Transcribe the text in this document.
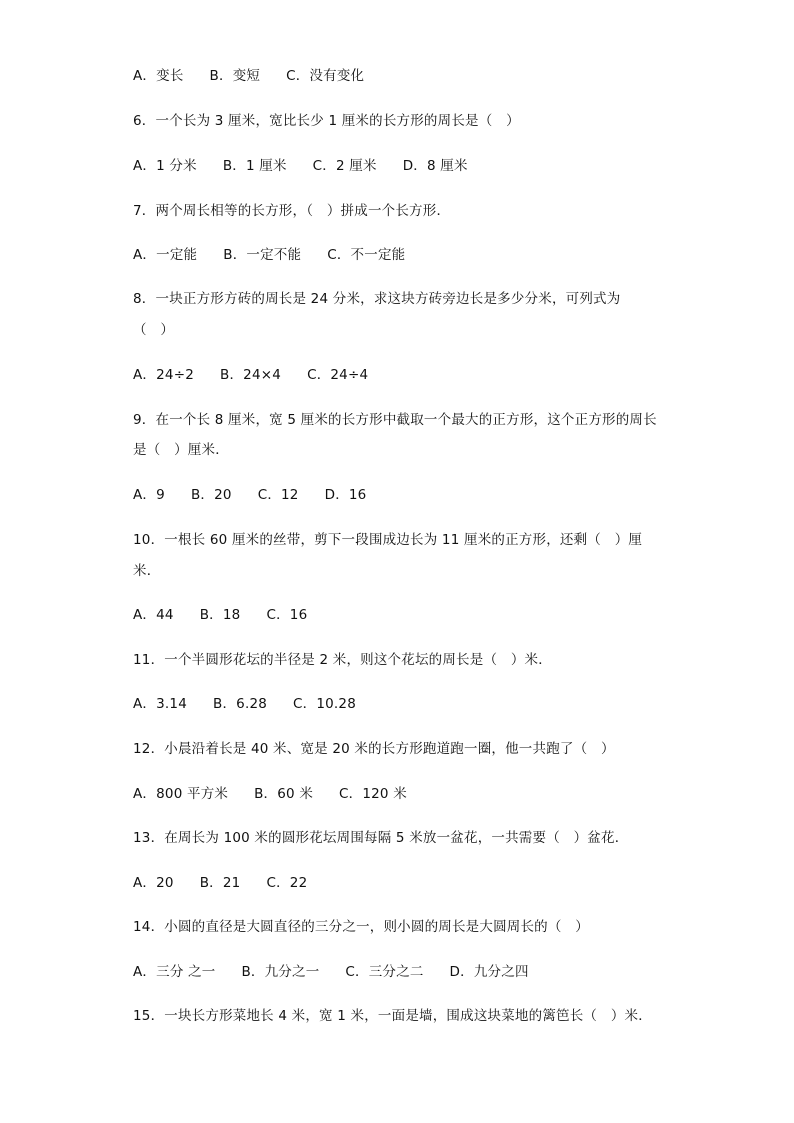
A．变长 B．变短 C．没有变化
6．一个长为 3 厘米，宽比长少 1 厘米的长方形的周长是（　）
A．1 分米 B．1 厘米 C．2 厘米 D．8 厘米
7．两个周长相等的长方形，（　）拼成一个长方形．
A．一定能 B．一定不能 C．不一定能
8．一块正方形方砖的周长是 24 分米，求这块方砖旁边长是多少分米，可列式为
（　）
A．24÷2 B．24×4 C．24÷4
9．在一个长 8 厘米，宽 5 厘米的长方形中截取一个最大的正方形，这个正方形的周长
是（　）厘米．
A．9 B．20 C．12 D．16
10．一根长 60 厘米的丝带，剪下一段围成边长为 11 厘米的正方形，还剩（　）厘
米．
A．44 B．18 C．16
11．一个半圆形花坛的半径是 2 米，则这个花坛的周长是（　）米．
A．3.14 B．6.28 C．10.28
12．小晨沿着长是 40 米、宽是 20 米的长方形跑道跑一圈，他一共跑了（　）
A．800 平方米 B．60 米 C．120 米
13．在周长为 100 米的圆形花坛周围每隔 5 米放一盆花，一共需要（　）盆花．
A．20 B．21 C．22
14．小圆的直径是大圆直径的三分之一，则小圆的周长是大圆周长的（　）
A．三分 之一 B．九分之一 C．三分之二 D．九分之四
15．一块长方形菜地长 4 米，宽 1 米，一面是墙，围成这块菜地的篱笆长（　）米．
